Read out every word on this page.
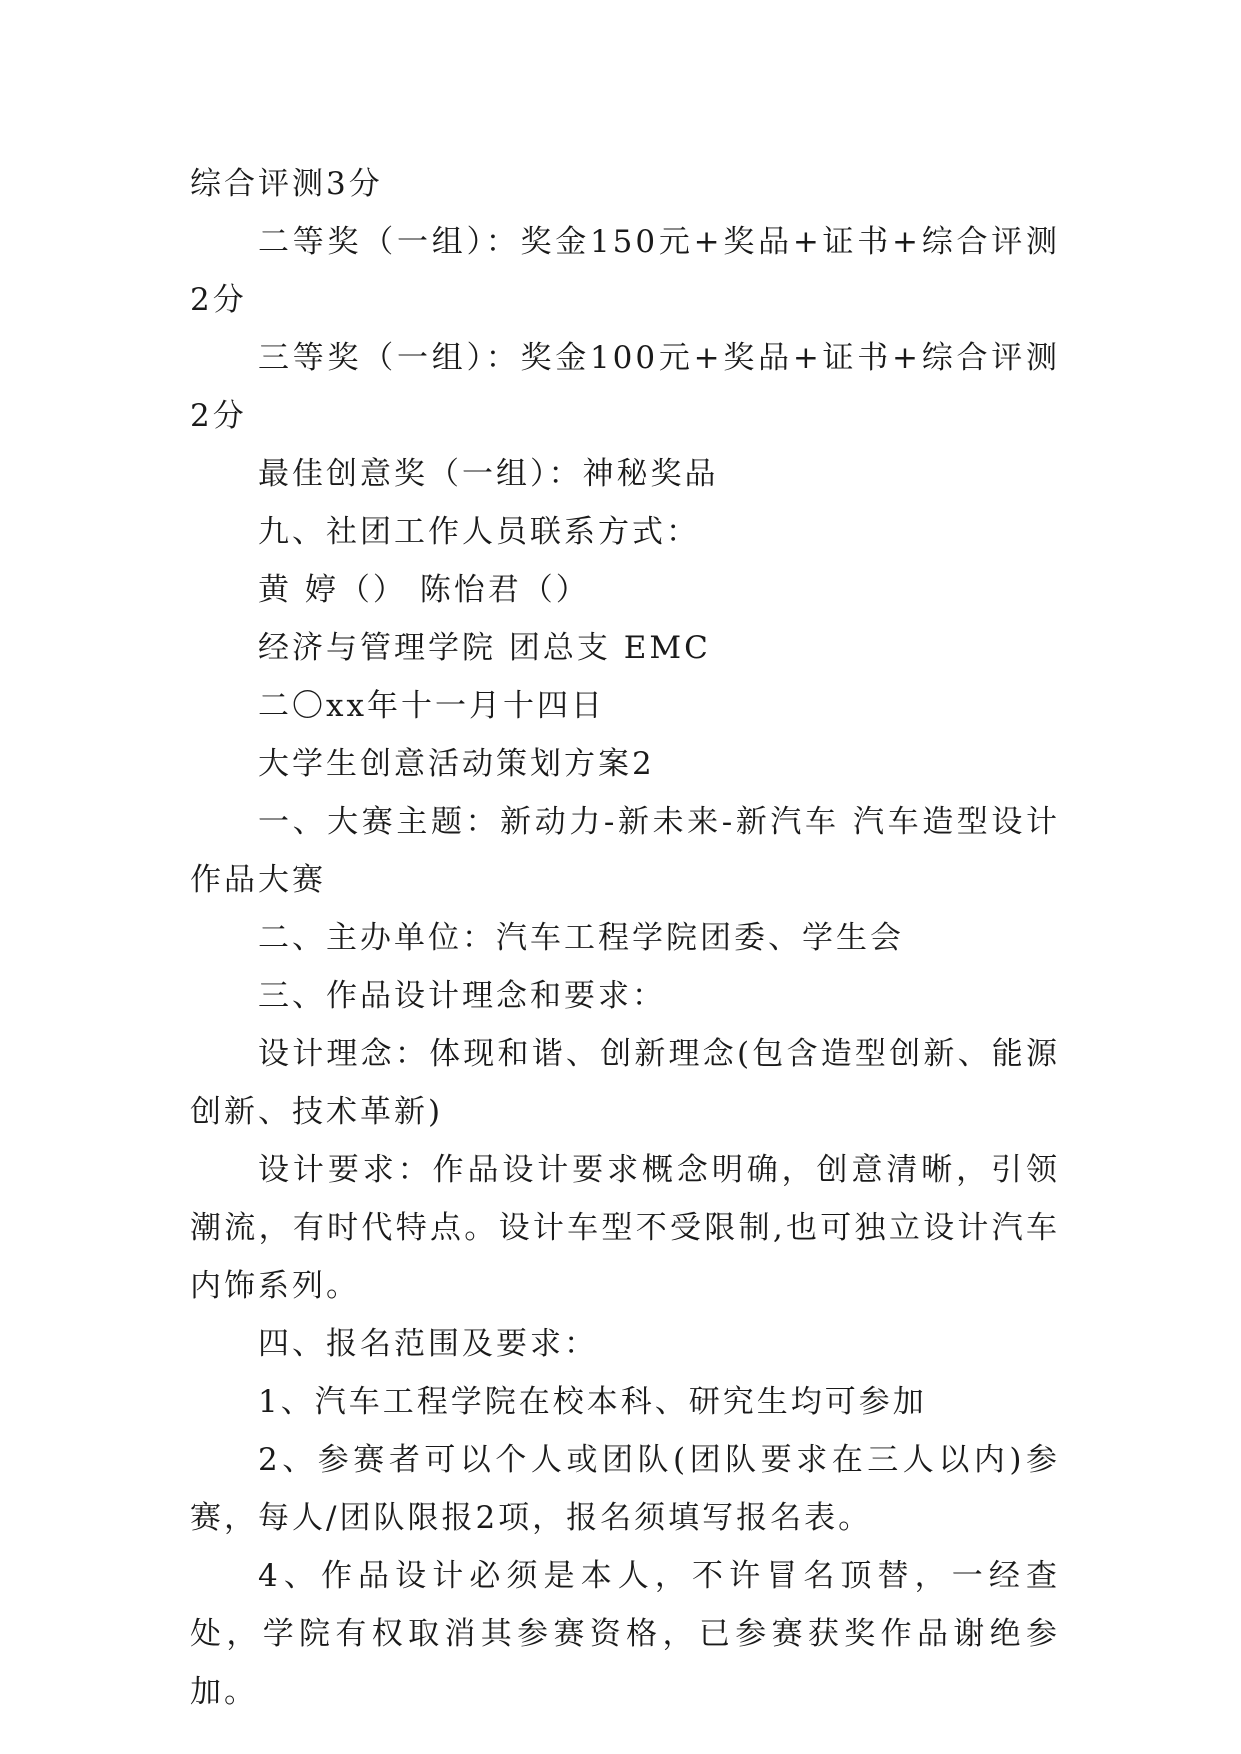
综合评测3分

二等奖（一组）：奖金150元+奖品+证书+综合评测2分

三等奖（一组）：奖金100元+奖品+证书+综合评测2分

最佳创意奖（一组）：神秘奖品

九、社团工作人员联系方式：

黄 婷（） 陈怡君（）

经济与管理学院 团总支 EMC

二〇xx年十一月十四日

大学生创意活动策划方案2

一、大赛主题：新动力-新未来-新汽车 汽车造型设计作品大赛

二、主办单位：汽车工程学院团委、学生会

三、作品设计理念和要求：

设计理念：体现和谐、创新理念(包含造型创新、能源创新、技术革新)

设计要求：作品设计要求概念明确，创意清晰，引领潮流，有时代特点。设计车型不受限制,也可独立设计汽车内饰系列。

四、报名范围及要求：

1、汽车工程学院在校本科、研究生均可参加

2、参赛者可以个人或团队(团队要求在三人以内)参赛，每人/团队限报2项，报名须填写报名表。

4、作品设计必须是本人，不许冒名顶替，一经查处，学院有权取消其参赛资格，已参赛获奖作品谢绝参加。
